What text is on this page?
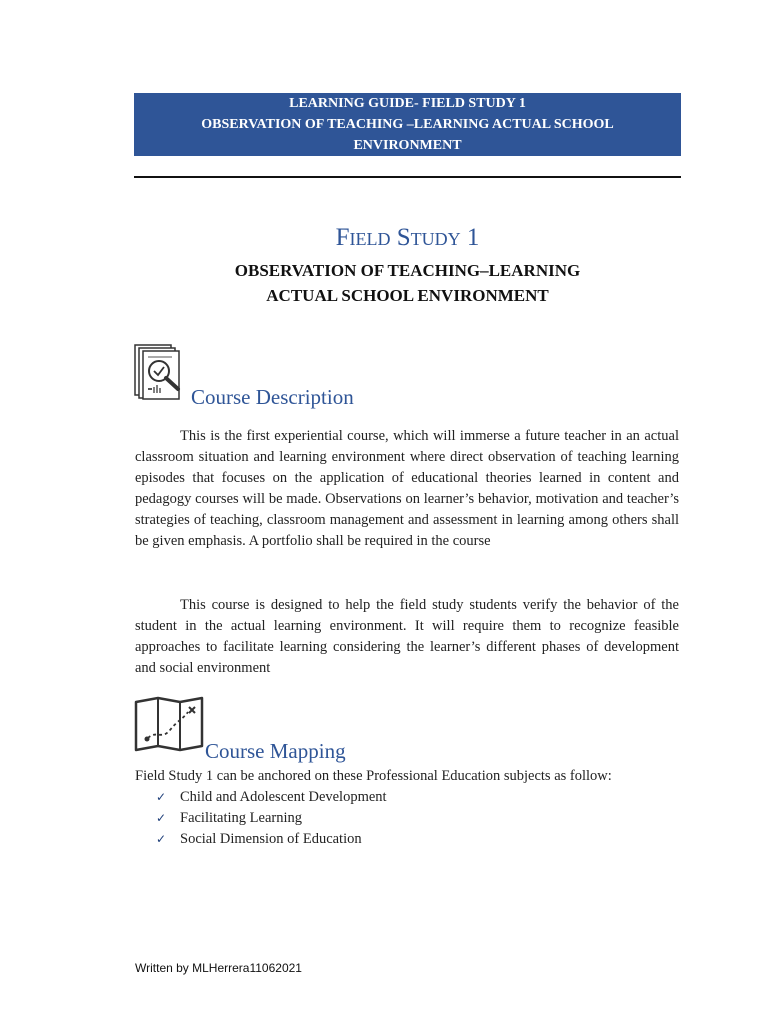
LEARNING GUIDE- FIELD STUDY 1
OBSERVATION OF TEACHING –LEARNING ACTUAL SCHOOL
ENVIRONMENT
Field Study 1
OBSERVATION OF TEACHING–LEARNING
ACTUAL SCHOOL ENVIRONMENT
Course Description

This is the first experiential course, which will immerse a future teacher in an actual classroom situation and learning environment where direct observation of teaching learning episodes that focuses on the application of educational theories learned in content and pedagogy courses will be made. Observations on learner’s behavior, motivation and teacher’s strategies of teaching, classroom management and assessment in learning among others shall be given emphasis. A portfolio shall be required in the course

This course is designed to help the field study students verify the behavior of the student in the actual learning environment. It will require them to recognize feasible approaches to facilitate learning considering the learner’s different phases of development and social environment

Course Mapping
Field Study 1 can be anchored on these Professional Education subjects as follow:
✓ Child and Adolescent Development
✓ Facilitating Learning
✓ Social Dimension of Education
Written by MLHerrera11062021
